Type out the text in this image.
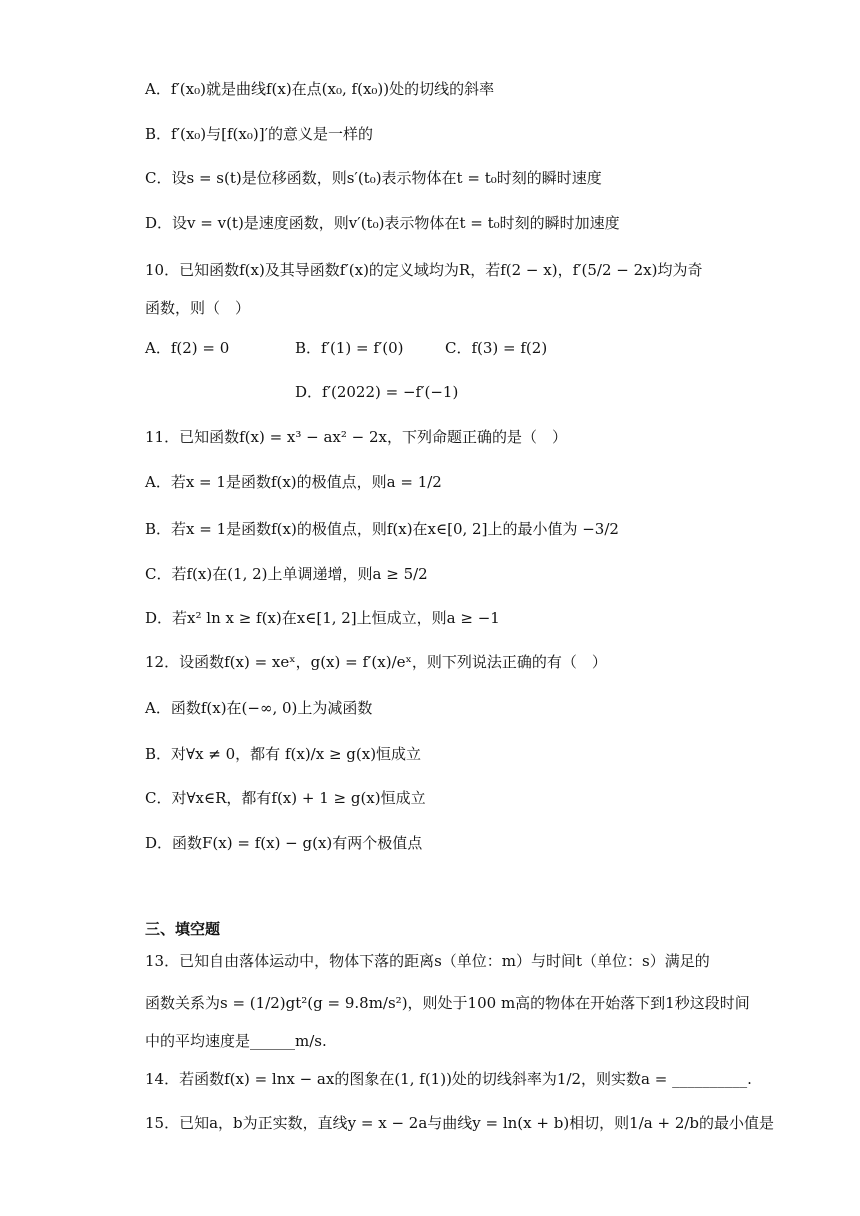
A．f′(x₀)就是曲线f(x)在点(x₀, f(x₀))处的切线的斜率
B．f′(x₀)与[f(x₀)]′的意义是一样的
C．设s = s(t)是位移函数，则s′(t₀)表示物体在t = t₀时刻的瞬时速度
D．设v = v(t)是速度函数，则v′(t₀)表示物体在t = t₀时刻的瞬时加速度
10．已知函数f(x)及其导函数f′(x)的定义域均为R，若f(2 − x)，f′(5/2 − 2x)均为奇
函数，则（　）
A．f(2) = 0	B．f′(1) = f′(0)	C．f(3) = f(2)
D．f′(2022) = −f′(−1)
11．已知函数f(x) = x³ − ax² − 2x，下列命题正确的是（　）
A．若x = 1是函数f(x)的极值点，则a = 1/2
B．若x = 1是函数f(x)的极值点，则f(x)在x∈[0, 2]上的最小值为 −3/2
C．若f(x)在(1, 2)上单调递增，则a ≥ 5/2
D．若x² ln x ≥ f(x)在x∈[1, 2]上恒成立，则a ≥ −1
12．设函数f(x) = xeˣ，g(x) = f′(x)/eˣ，则下列说法正确的有（　）
A．函数f(x)在(−∞, 0)上为减函数
B．对∀x ≠ 0，都有 f(x)/x ≥ g(x)恒成立
C．对∀x∈R，都有f(x) + 1 ≥ g(x)恒成立
D．函数F(x) = f(x) − g(x)有两个极值点
三、填空题
13．已知自由落体运动中，物体下落的距离s（单位：m）与时间t（单位：s）满足的
函数关系为s = (1/2)gt²(g = 9.8m/s²)，则处于100 m高的物体在开始落下到1秒这段时间
中的平均速度是______m/s.
14．若函数f(x) = lnx − ax的图象在(1, f(1))处的切线斜率为1/2，则实数a = __________.
15．已知a，b为正实数，直线y = x − 2a与曲线y = ln(x + b)相切，则1/a + 2/b的最小值是
